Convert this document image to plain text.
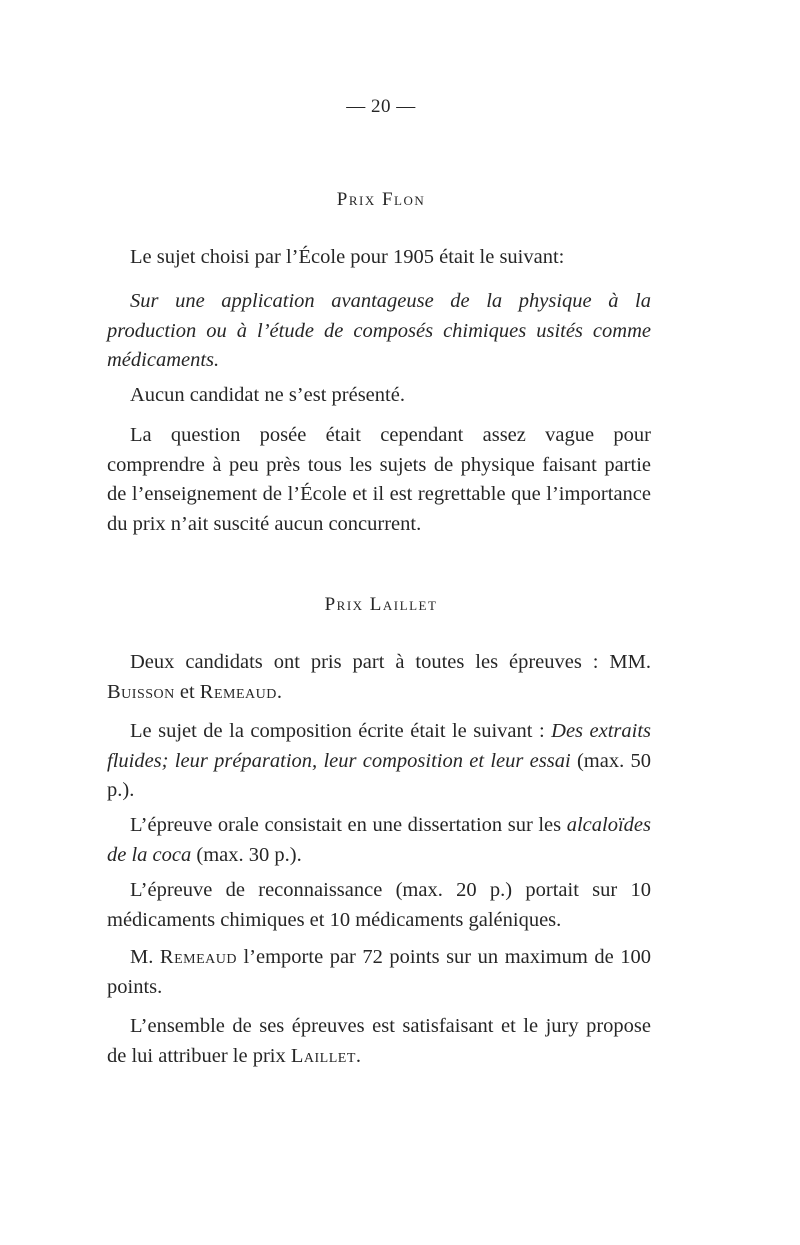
— 20 —
Prix Flon

Le sujet choisi par l’École pour 1905 était le suivant:

Sur une application avantageuse de la physique à la production ou à l’étude de composés chimiques usités comme médicaments.

Aucun candidat ne s’est présenté.

La question posée était cependant assez vague pour comprendre à peu près tous les sujets de physique faisant partie de l’enseignement de l’École et il est regrettable que l’importance du prix n’ait suscité aucun concurrent.

Prix Laillet

Deux candidats ont pris part à toutes les épreuves : MM. Buisson et Remeaud.

Le sujet de la composition écrite était le suivant : Des extraits fluides; leur préparation, leur composition et leur essai (max. 50 p.).

L’épreuve orale consistait en une dissertation sur les alcaloïdes de la coca (max. 30 p.).

L’épreuve de reconnaissance (max. 20 p.) portait sur 10 médicaments chimiques et 10 médicaments galéniques.

M. Remeaud l’emporte par 72 points sur un maximum de 100 points.

L’ensemble de ses épreuves est satisfaisant et le jury propose de lui attribuer le prix Laillet.
